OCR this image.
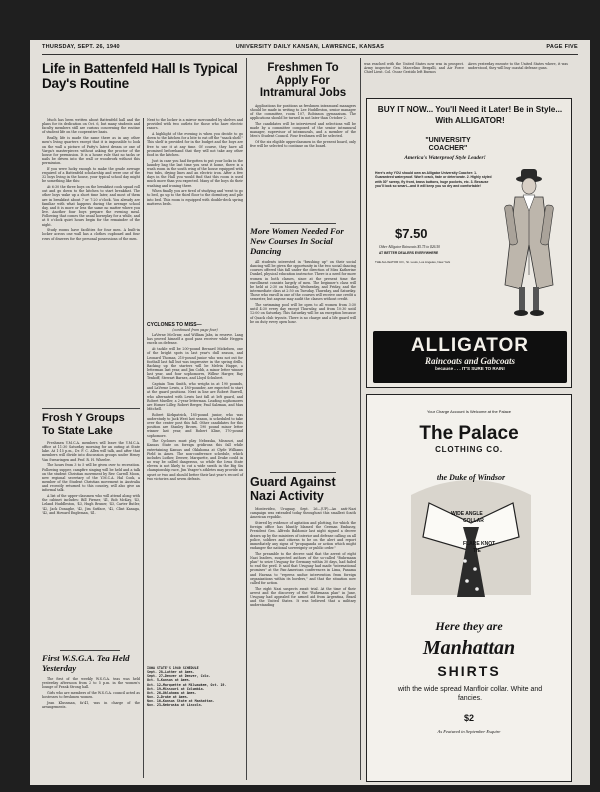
THURSDAY, SEPT. 26, 1940	UNIVERSITY DAILY KANSAN, LAWRENCE, KANSAS	PAGE FIVE
Life in Battenfeld Hall Is Typical Day's Routine

Much has been written about Battenfeld hall and the plans for its dedication on Oct. 6, but many students and faculty members still are curious concerning the routine of student life on the cooperative basis.

Really, life is made the same there as in any other men's living quarters except that it is impossible to look on the wall a picture of Patty's latest dream or one of Varga's masterpieces without asking the proctor of the house for permission. It is a house rule that no tacks or nails be driven into the wall or woodwork without this permission.

If you were lucky enough to make the grade average required of a Battenfeld scholarship and were one of the 32 boys living in the house, your typical school day might be something like this:

At 6:30 the three boys on the breakfast cook squad roll out and go down to the kitchen to start breakfast. The other boys wake up a short time later, and most of them are in breakfast about 7 or 7:20 o'clock. You already are familiar with what happens during the average school day, and it is more or less the same no matter where you live. Another four boys prepare the evening meal. Following that comes the usual horseplay for a while, and at 8 o'clock quiet hours begin for the remainder of the night.

Study rooms have facilities for four men. A built-in locker across one wall has a clothes cupboard and four rows of drawers for the personal possessions of the men.

Frosh Y Groups To State Lake

Freshmen Y.M.C.A. members will leave the Y.M.C.A. office at 11:30 Saturday morning for an outing at State lake. At 1:15 p.m., Dr. F. C. Allen will talk, and after that members will divide into discussion groups under Henry Van Swearingen and Prof. R. H. Wheeler.

The hours from 3 to 5 will be given over to recreation. Following supper, campfire singing will be held and a talk on the student Christian movement by Rev. Carroll Moon, new regional secretary of the Y.M.C.A. Hal Cook, a member of the Student Christian movement in Australia and recently returned to this country, will also give an informal talk.

A list of the upper-classmen who will attend along with the cabinet includes: Bill Firmer, '41, Bob McKay, '43, Leland Huddleston, '43, Hugh Bruner, '43, Carter Butler, '42, Jack Donaghe, '42, Jim Sutface, '42, Clint Kanaga, '42, and Howard Engleman, '41.

First W.S.G.A. Tea Held Yesterday

The first of the weekly W.S.G.A. teas was held yesterday afternoon from 2 to 5 p.m. in the women's lounge of Frank Strong hall.

Girls who are members of the W.S.G.A. council acted as hostesses to freshmen women.

Jean Klussman, fa'41, was in charge of the arrangements.

Next to the locker is a mirror surrounded by shelves and provided with two outlets for those who have electric razors.

A highlight of the evening is when you decide to go down to the kitchen for a bite to eat off the "snack shelf." This shelf is provided for in the budget and the boys are free to use it at any time. Of course, they have all promised beforehand that they will not take any other food in the kitchen.

Just in case you had forgotten to put your locks in the laundry bag the last time you sent it home, there is a wash room in the south wing of the house equipped with two tubs, drying lines and an electric iron. After a few days in the Hall you would find that this room is used much more than you expected. Many of the boys do their washing and ironing there.

When finally you are tired of studying and 'went to go to bed, go up to the third floor to the dormitory and pile into bed. This room is equipped with double-deck spring mattress beds.

CYCLONES TO MISS—
(continued from page four)

LaVerne McGraw, and William Jabs, in reserve. Lang has proved himself a good pass receiver while Heggen excels on defense.

At tackle will be 200-pound Bernard Mickelsen, one of the bright spots in last year's dull season, and Leonard Thomas, 210-pound junior who was not out for football last fall but was impressive in the spring drills. Backing up the starters will be Melvin Happe, a letterman last year, and Jim Cobb, a minor letter winner last year, and four sophomores, Wilbur Harger, Ray Tenhoff, Stewart Barnes, and Lloyd Schubert.

Captain Tom Smith, who weighs in at 190 pounds, and LaVerne Lewis, a 180-pounder, are expected to start at the guard positions. Next in line are Robert Burrell, who alternated with Lewis last fall at left guard, and Robert Mueller, a 2-year letterman. Leading sophomores are Homer Lilley, Robert Berger, Paul Salzman, and Max Mitchell.

Robert Kirkpatrick, 185-pound junior, who was understudy to Jack West last season, is scheduled to take over the center post this fall. Other candidates for this position are Stanley Brown, 190 pound minor letter winner last year, and Robert Kline, 170-pound sophomore.

The Cyclones must play Nebraska, Missouri, and Kansas State on foreign gridirons this fall while entertaining Kansas and Oklahoma at Clyde Williams Field in Ames. The non-conference schedule, which includes Luther, Denver, Marquette, and Drake could in no way be called dangerous, so while the Iowa State eleven is not likely to cut a wide swath in the Big Six championship race, Jim Yeager's athletes may provide an upset or two and should better their last year's record of two victories and seven defeats.

IOWA STATE'S 1940 SCHEDULE
Sept. 28—Luther at Ames.
Sept. 27—Denver at Denver, Colo.
Oct. 5—Kansas at Ames.
Oct. 12—Marquette at Milwaukee, Oct. 19.
Oct. 19—Missouri at Columbia.
Oct. 26—Oklahoma at Ames.
Nov. 2—Drake at Ames.
Nov. 16—Kansas State at Manhattan.
Nov. 23—Nebraska at Lincoln.
Freshmen To Apply For Intramural Jobs

Applications for positions as freshmen intramural managers should be made in writing to Lee Huddleston, senior manager of the committee, room 107, Robinson gymnasium. The applications should be turned in not later than October 2.

The candidates will be interviewed and selections will be made by a committee composed of the senior intramural manager, supervisor of intramurals, and a member of the Men's Student Council. Four freshmen will be selected.

Of the six eligible upperclassmen in the present board, only five will be selected to continue on the board.

More Women Needed For New Courses In Social Dancing

All students interested in "brushing up" on their social dancing will be given the opportunity in the two social dancing courses offered this fall under the direction of Miss Katherine Dunkel, physical education instructor. There is a need for more women in both classes, since at the present time the enrollment consists largely of men. The beginner's class will be held at 2:30 on Monday, Wednesday, and Friday, and the intermediate class at 2:50 on Tuesday, Thursday, and Saturday. Those who enroll in one of the courses will receive one credit a semester, but anyone may audit the classes without credit.

The swimming pool will be open to all women from 3:30 until 4:30 every day except Thursday, and from 10:30 until 12:00 on Saturday. This Saturday will be an exception because of Quack club tryouts. There is no charge and a life guard will be on duty every open hour.

Guard Against Nazi Activity

Montevideo, Uruguay, Sept. 26—(UP)—An anti-Nazi campaign was extended today throughout this smallest South American republic.

Stirred by evidence of agitation and plotting, for which the foreign office has bluntly blamed the German Embassy, President Gen. Alfredo Baldomir last night signed a decree drawn up by the ministers of interior and defense calling on all police, soldiers and citizens to be on the alert and report immediately any signs of "propaganda or action which might endanger the national sovereignty or public order."

The preamble to the decree said that the arrest of eight Nazi leaders, suspected authors of the so-called "Buhrmann plan" to seize Uruguay for Germany within 30 days, had failed to end the peril. It said that Uruguay had made "international promises" at the Pan-American conferences in Lima, Panama and Havana to "repress undue intervention from foreign organizations within its borders," and that the situation now called for action.

The eight Nazi suspects await trial. At the time of their arrest and the discovery of the "Buhrmann plan" in June, Uruguay had appealed for armed aid from Argentina, Brazil and the United States. It was believed that a military understanding

was reached with the United States now was in prospect. Army inspector Gen. Marcelino Bergalli, and Air Force Chief Lieut. Col. Oscar Gestido left Buenos

Aires yesterday enroute to the United States where, it was understood, they will buy coastal defense guns.

BUY IT NOW... You'll Need it Later! Be in Style... With ALLIGATOR!
"UNIVERSITY COACHER"
America's Waterproof Style Leader!
Here's why YOU should own an Alligator University Coacher: 1. Guaranteed waterproof. Won't crack, fade or deteriorate. 2. Highly styled with 30" sweep, fly front, brass buttons, huge pockets, etc. 3. Because you'll look so smart—and it will keep you so dry and comfortable!
$7.50
Other Alligator Raincoats $5.75 to $26.50
AT BETTER DEALERS EVERYWHERE
THE ALLIGATOR CO., St. Louis, Los Angeles, New York
ALLIGATOR
Raincoats and Gabcoats
because . . . IT'S SURE TO RAIN!
Your Charge Account Is Welcome at the Palace
The Palace
CLOTHING CO.
the Duke of Windsor
WIDE ANGLE
COLLAR
FLARE KNOT
TIE
Here they are
Manhattan
SHIRTS
with the wide spread Manfloir collar. White and fancies.
$2
As Featured in September Esquire
